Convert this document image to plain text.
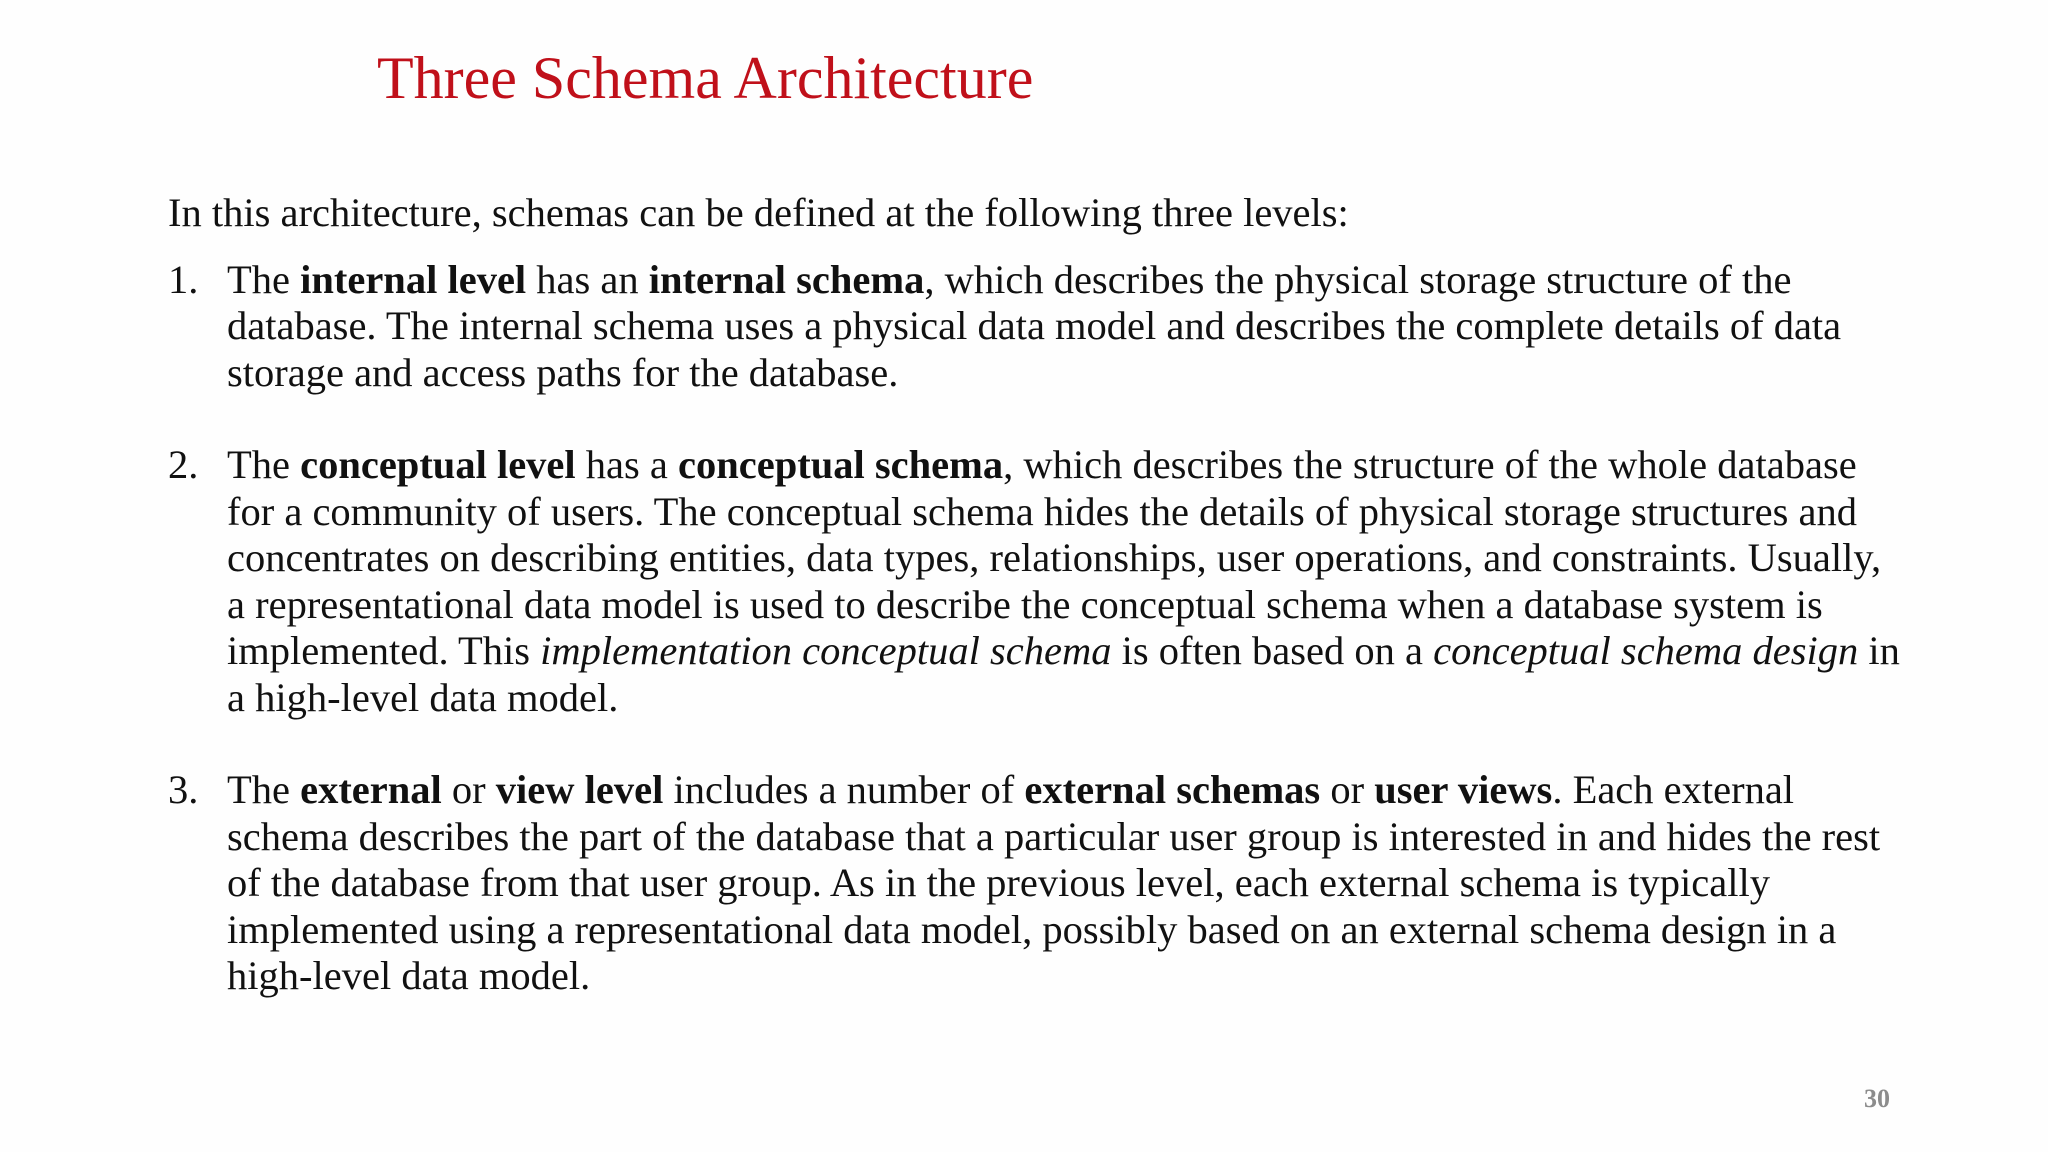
Three Schema Architecture

In this architecture, schemas can be defined at the following three levels:

1. The internal level has an internal schema, which describes the physical storage structure of the database. The internal schema uses a physical data model and describes the complete details of data storage and access paths for the database.
2. The conceptual level has a conceptual schema, which describes the structure of the whole database for a community of users. The conceptual schema hides the details of physical storage structures and concentrates on describing entities, data types, relationships, user operations, and constraints. Usually, a representational data model is used to describe the conceptual schema when a database system is implemented. This implementation conceptual schema is often based on a conceptual schema design in a high-level data model.
3. The external or view level includes a number of external schemas or user views. Each external schema describes the part of the database that a particular user group is interested in and hides the rest of the database from that user group. As in the previous level, each external schema is typically implemented using a representational data model, possibly based on an external schema design in a high-level data model.
30
